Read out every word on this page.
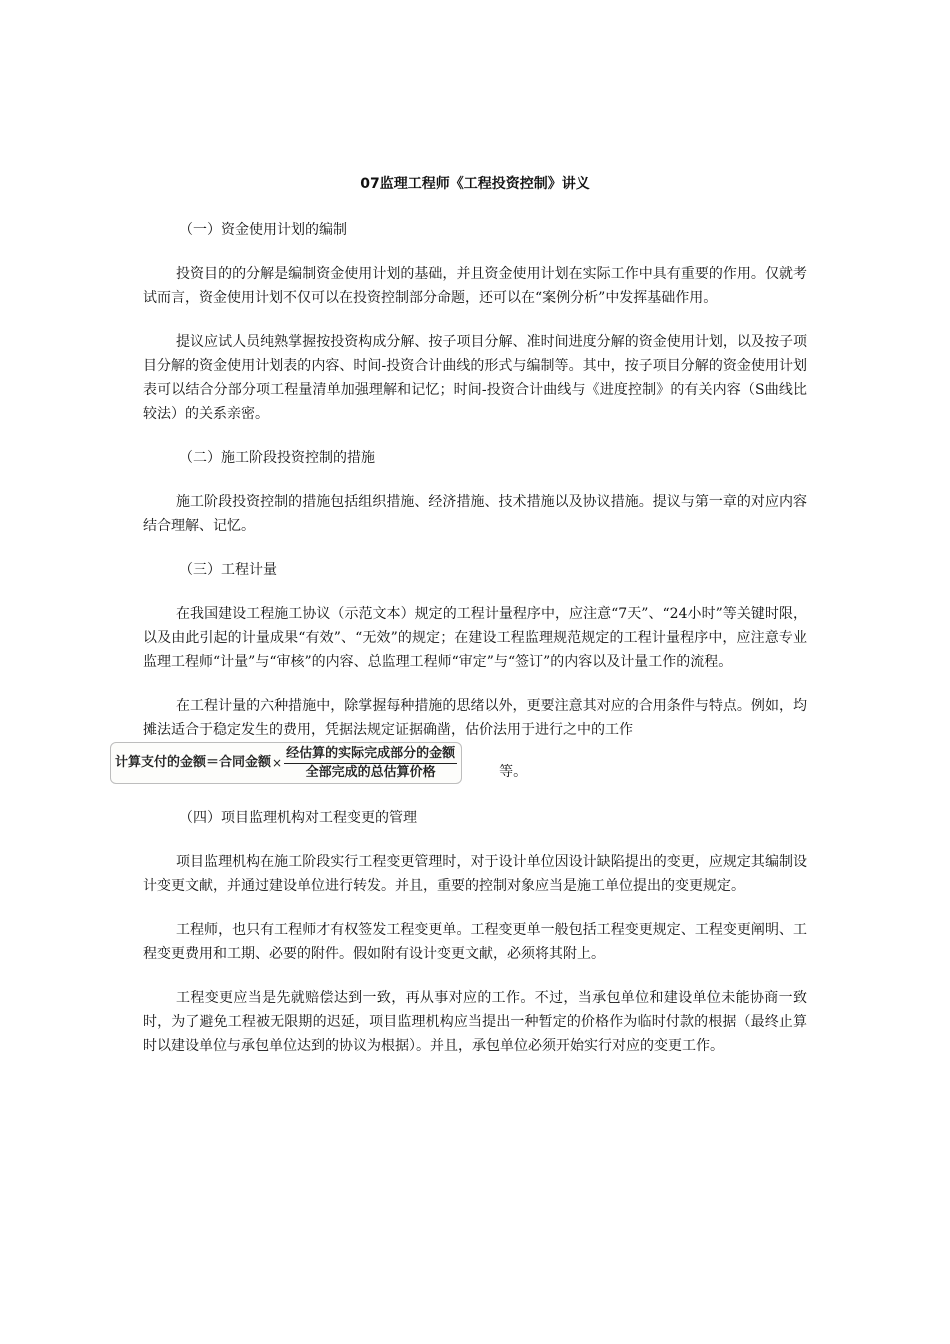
07监理工程师《工程投资控制》讲义
（一）资金使用计划的编制

投资目的的分解是编制资金使用计划的基础，并且资金使用计划在实际工作中具有重要的作用。仅就考试而言，资金使用计划不仅可以在投资控制部分命题，还可以在“案例分析”中发挥基础作用。

提议应试人员纯熟掌握按投资构成分解、按子项目分解、准时间进度分解的资金使用计划，以及按子项目分解的资金使用计划表的内容、时间-投资合计曲线的形式与编制等。其中，按子项目分解的资金使用计划表可以结合分部分项工程量清单加强理解和记忆；时间-投资合计曲线与《进度控制》的有关内容（S曲线比较法）的关系亲密。

（二）施工阶段投资控制的措施

施工阶段投资控制的措施包括组织措施、经济措施、技术措施以及协议措施。提议与第一章的对应内容结合理解、记忆。

（三）工程计量

在我国建设工程施工协议（示范文本）规定的工程计量程序中，应注意“7天”、“24小时”等关键时限，以及由此引起的计量成果“有效”、“无效”的规定；在建设工程监理规范规定的工程计量程序中，应注意专业监理工程师“计量”与“审核”的内容、总监理工程师“审定”与“签订”的内容以及计量工作的流程。

在工程计量的六种措施中，除掌握每种措施的思绪以外，更要注意其对应的合用条件与特点。例如，均摊法适合于稳定发生的费用，凭据法规定证据确凿，估价法用于进行之中的工作

计算支付的金额＝合同金额 × $\frac{\text{经估算的实际完成部分的金额}}{\text{全部完成的总估算价格}}$	等。

（四）项目监理机构对工程变更的管理

项目监理机构在施工阶段实行工程变更管理时，对于设计单位因设计缺陷提出的变更，应规定其编制设计变更文献，并通过建设单位进行转发。并且，重要的控制对象应当是施工单位提出的变更规定。

工程师，也只有工程师才有权签发工程变更单。工程变更单一般包括工程变更规定、工程变更阐明、工程变更费用和工期、必要的附件。假如附有设计变更文献，必须将其附上。

工程变更应当是先就赔偿达到一致，再从事对应的工作。不过，当承包单位和建设单位未能协商一致时，为了避免工程被无限期的迟延，项目监理机构应当提出一种暂定的价格作为临时付款的根据（最终止算时以建设单位与承包单位达到的协议为根据）。并且，承包单位必须开始实行对应的变更工作。
